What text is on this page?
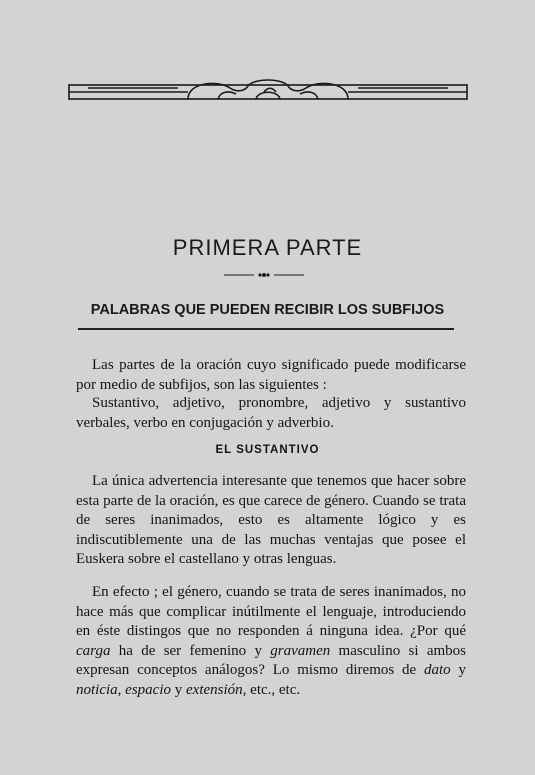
PRIMERA PARTE
PALABRAS QUE PUEDEN RECIBIR LOS SUBFIJOS
Las partes de la oración cuyo significado puede modificarse por medio de subfijos, son las siguientes :
Sustantivo, adjetivo, pronombre, adjetivo y sustantivo verbales, verbo en conjugación y adverbio.
EL SUSTANTIVO
La única advertencia interesante que tenemos que hacer sobre esta parte de la oración, es que carece de género. Cuando se trata de seres inanimados, esto es altamente lógico y es indiscutiblemente una de las muchas ventajas que posee el Euskera sobre el castellano y otras lenguas.
En efecto ; el género, cuando se trata de seres inanimados, no hace más que complicar inútilmente el lenguaje, introduciendo en éste distingos que no responden á ninguna idea. ¿Por qué carga ha de ser femenino y gravamen masculino si ambos expresan conceptos análogos? Lo mismo diremos de dato y noticia, espacio y extensión, etc., etc.
